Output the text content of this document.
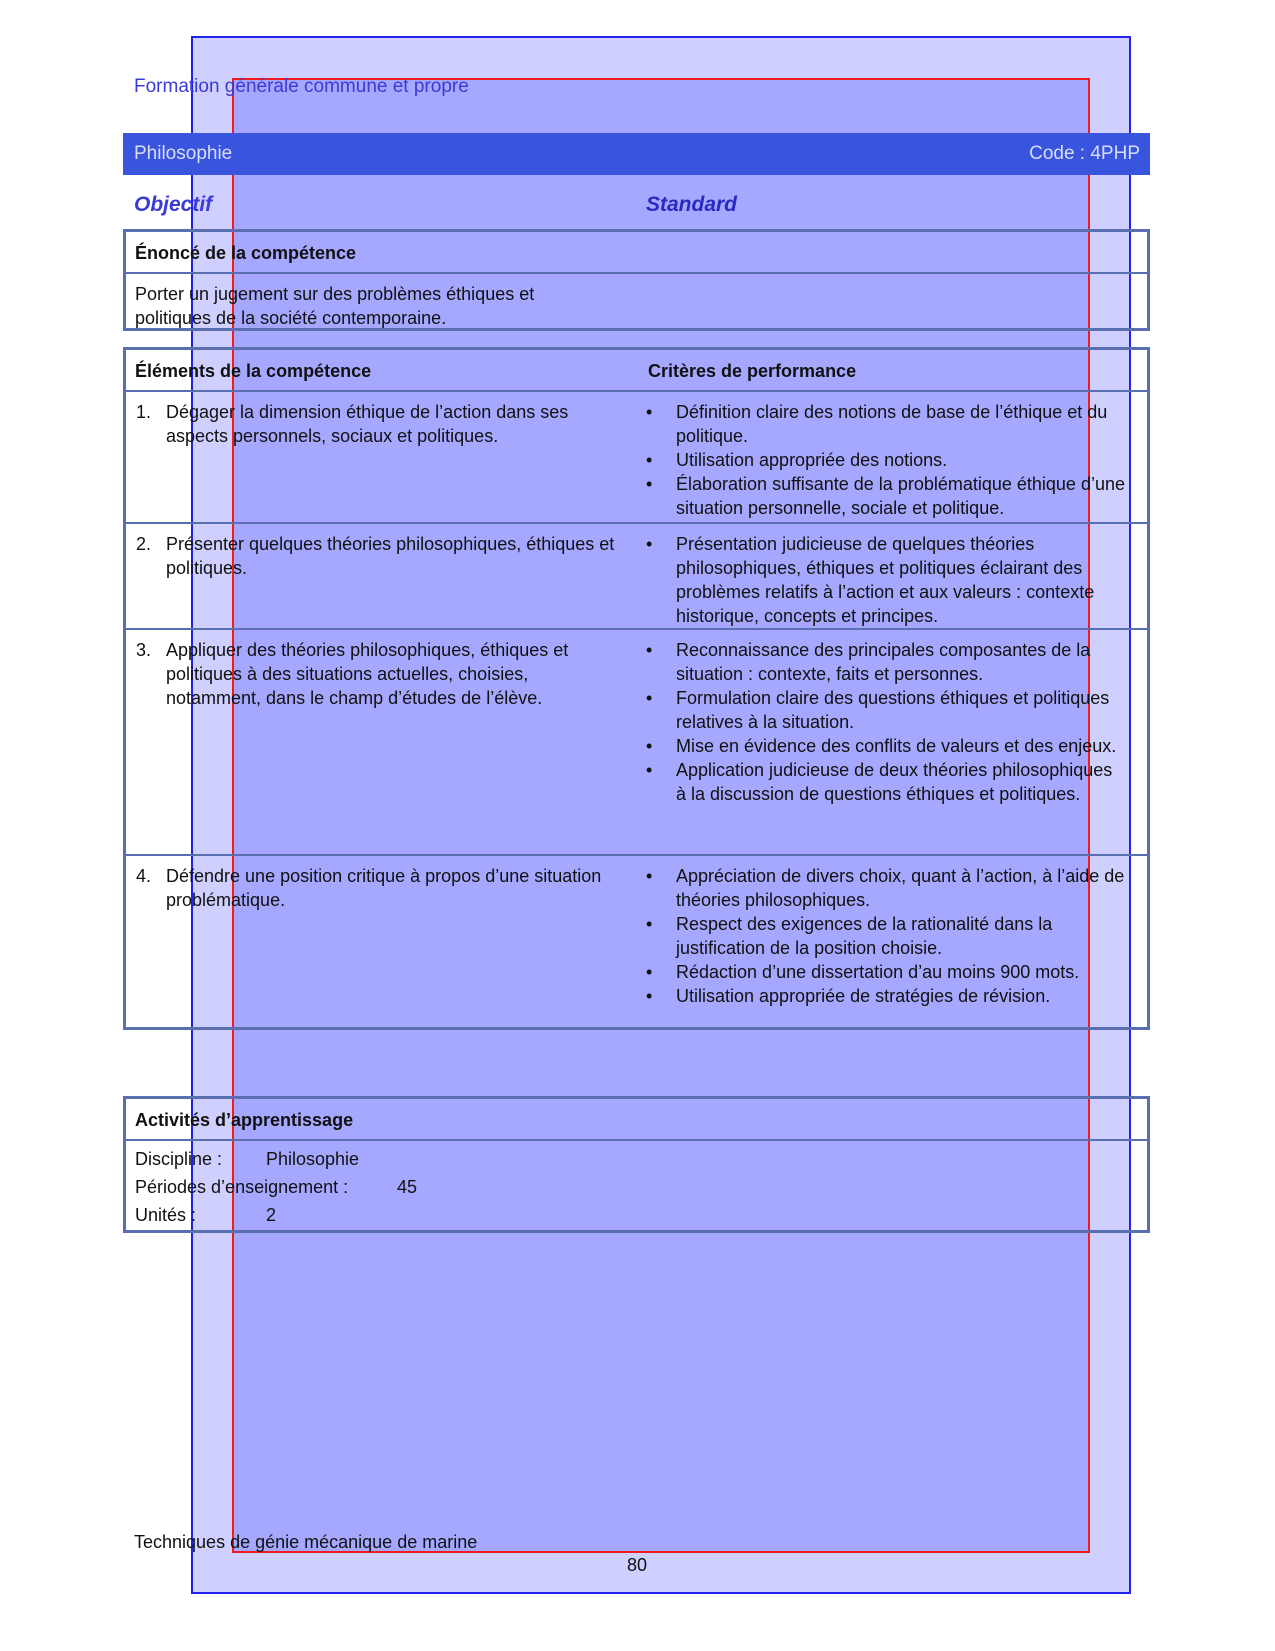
Formation générale commune et propre
Philosophie	Code : 4PHP
Objectif	Standard
Énoncé de la compétence
Porter un jugement sur des problèmes éthiques et politiques de la société contemporaine.
Éléments de la compétence	Critères de performance
1. Dégager la dimension éthique de l’action dans ses aspects personnels, sociaux et politiques.
•	Définition claire des notions de base de l’éthique et du politique.
•	Utilisation appropriée des notions.
•	Élaboration suffisante de la problématique éthique d’une situation personnelle, sociale et politique.
2. Présenter quelques théories philosophiques, éthiques et politiques.
•	Présentation judicieuse de quelques théories philosophiques, éthiques et politiques éclairant des problèmes relatifs à l’action et aux valeurs : contexte historique, concepts et principes.
3. Appliquer des théories philosophiques, éthiques et politiques à des situations actuelles, choisies, notamment, dans le champ d’études de l’élève.
•	Reconnaissance des principales composantes de la situation : contexte, faits et personnes.
•	Formulation claire des questions éthiques et politiques relatives à la situation.
•	Mise en évidence des conflits de valeurs et des enjeux.
•	Application judicieuse de deux théories philosophiques à la discussion de questions éthiques et politiques.
4. Défendre une position critique à propos d’une situation problématique.
•	Appréciation de divers choix, quant à l’action, à l’aide de théories philosophiques.
•	Respect des exigences de la rationalité dans la justification de la position choisie.
•	Rédaction d’une dissertation d’au moins 900 mots.
•	Utilisation appropriée de stratégies de révision.
Activités d’apprentissage
Discipline : Philosophie
Périodes d’enseignement :	45
Unités :	2
Techniques de génie mécanique de marine
80
